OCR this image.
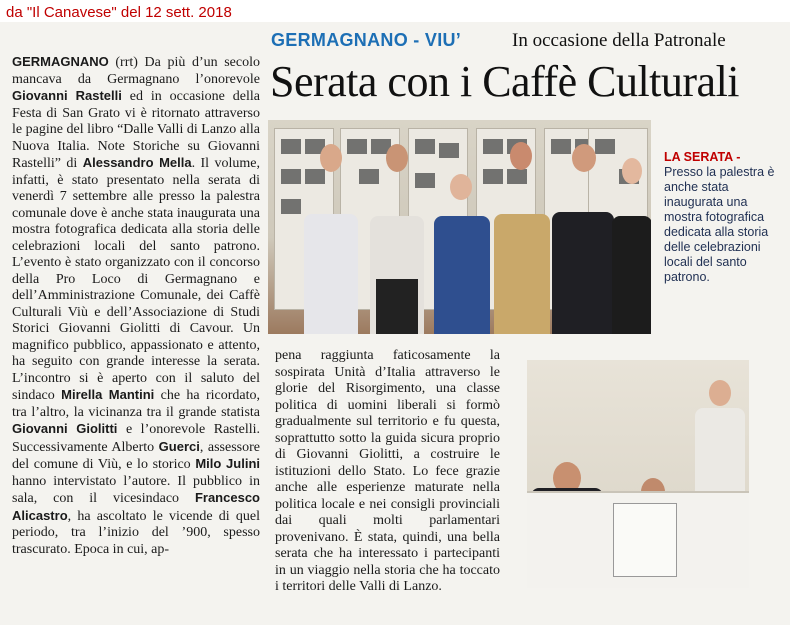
da "Il Canavese" del 12 sett. 2018
GERMAGNANO - VIU’	In occasione della Patronale
Serata con i Caffè Culturali

GERMAGNANO (rrt) Da più d’un secolo mancava da Germagnano l’onorevole Giovanni Rastelli ed in occasione della Festa di San Grato vi è ritornato attraverso le pagine del libro “Dalle Valli di Lanzo alla Nuova Italia. Note Storiche su Giovanni Rastelli” di Alessandro Mella. Il volume, infatti, è stato presentato nella serata di venerdì 7 settembre alle presso la palestra comunale dove è anche stata inaugurata una mostra fotografica dedicata alla storia delle celebrazioni locali del santo patrono. L’evento è stato organizzato con il concorso della Pro Loco di Germagnano e dell’Amministrazione Comunale, dei Caffè Culturali Viù e dell’Associazione di Studi Storici Giovanni Giolitti di Cavour. Un magnifico pubblico, appassionato e attento, ha seguito con grande interesse la serata. L’incontro si è aperto con il saluto del sindaco Mirella Mantini che ha ricordato, tra l’altro, la vicinanza tra il grande statista Giovanni Giolitti e l’onorevole Rastelli. Successivamente Alberto Guerci, assessore del comune di Viù, e lo storico Milo Julini hanno intervistato l’autore. Il pubblico in sala, con il vicesindaco Francesco Alicastro, ha ascoltato le vicende di quel periodo, tra l’inizio del ’900, spesso trascurato. Epoca in cui, ap-

pena raggiunta faticosamente la sospirata Unità d’Italia attraverso le glorie del Risorgimento, una classe politica di uomini liberali si formò gradualmente sul territorio e fu questa, soprattutto sotto la guida sicura proprio di Giovanni Giolitti, a costruire le istituzioni dello Stato. Lo fece grazie anche alle esperienze maturate nella politica locale e nei consigli provinciali dai quali molti parlamentari provenivano. È stata, quindi, una bella serata che ha interessato i partecipanti in un viaggio nella storia che ha toccato i territori delle Valli di Lanzo.

LA SERATA - Presso la palestra è anche stata inaugurata una mostra fotografica dedicata alla storia delle celebrazioni locali del santo patrono.
